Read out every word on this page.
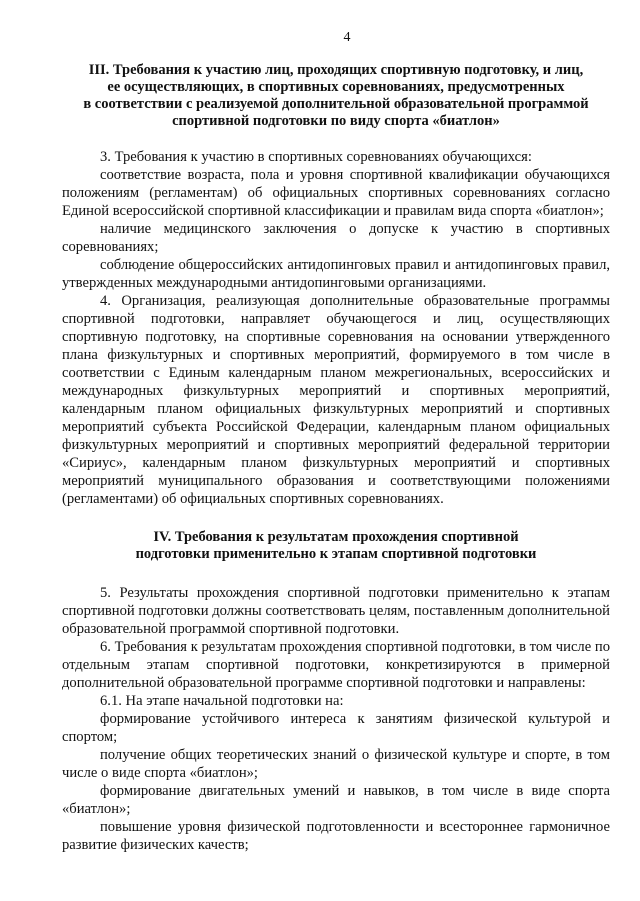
4
III. Требования к участию лиц, проходящих спортивную подготовку, и лиц,
ее осуществляющих, в спортивных соревнованиях, предусмотренных
в соответствии с реализуемой дополнительной образовательной программой
спортивной подготовки по виду спорта «биатлон»

3. Требования к участию в спортивных соревнованиях обучающихся:

соответствие возраста, пола и уровня спортивной квалификации обучающихся положениям (регламентам) об официальных спортивных соревнованиях согласно Единой всероссийской спортивной классификации и правилам вида спорта «биатлон»;

наличие медицинского заключения о допуске к участию в спортивных соревнованиях;

соблюдение общероссийских антидопинговых правил и антидопинговых правил, утвержденных международными антидопинговыми организациями.

4. Организация, реализующая дополнительные образовательные программы спортивной подготовки, направляет обучающегося и лиц, осуществляющих спортивную подготовку, на спортивные соревнования на основании утвержденного плана физкультурных и спортивных мероприятий, формируемого в том числе в соответствии с Единым календарным планом межрегиональных, всероссийских и международных физкультурных мероприятий и спортивных мероприятий, календарным планом официальных физкультурных мероприятий и спортивных мероприятий субъекта Российской Федерации, календарным планом официальных физкультурных мероприятий и спортивных мероприятий федеральной территории «Сириус», календарным планом физкультурных мероприятий и спортивных мероприятий муниципального образования и соответствующими положениями (регламентами) об официальных спортивных соревнованиях.

IV. Требования к результатам прохождения спортивной
подготовки применительно к этапам спортивной подготовки

5. Результаты прохождения спортивной подготовки применительно к этапам спортивной подготовки должны соответствовать целям, поставленным дополнительной образовательной программой спортивной подготовки.

6. Требования к результатам прохождения спортивной подготовки, в том числе по отдельным этапам спортивной подготовки, конкретизируются в примерной дополнительной образовательной программе спортивной подготовки и направлены:

6.1. На этапе начальной подготовки на:

формирование устойчивого интереса к занятиям физической культурой и спортом;

получение общих теоретических знаний о физической культуре и спорте, в том числе о виде спорта «биатлон»;

формирование двигательных умений и навыков, в том числе в виде спорта «биатлон»;

повышение уровня физической подготовленности и всестороннее гармоничное развитие физических качеств;
